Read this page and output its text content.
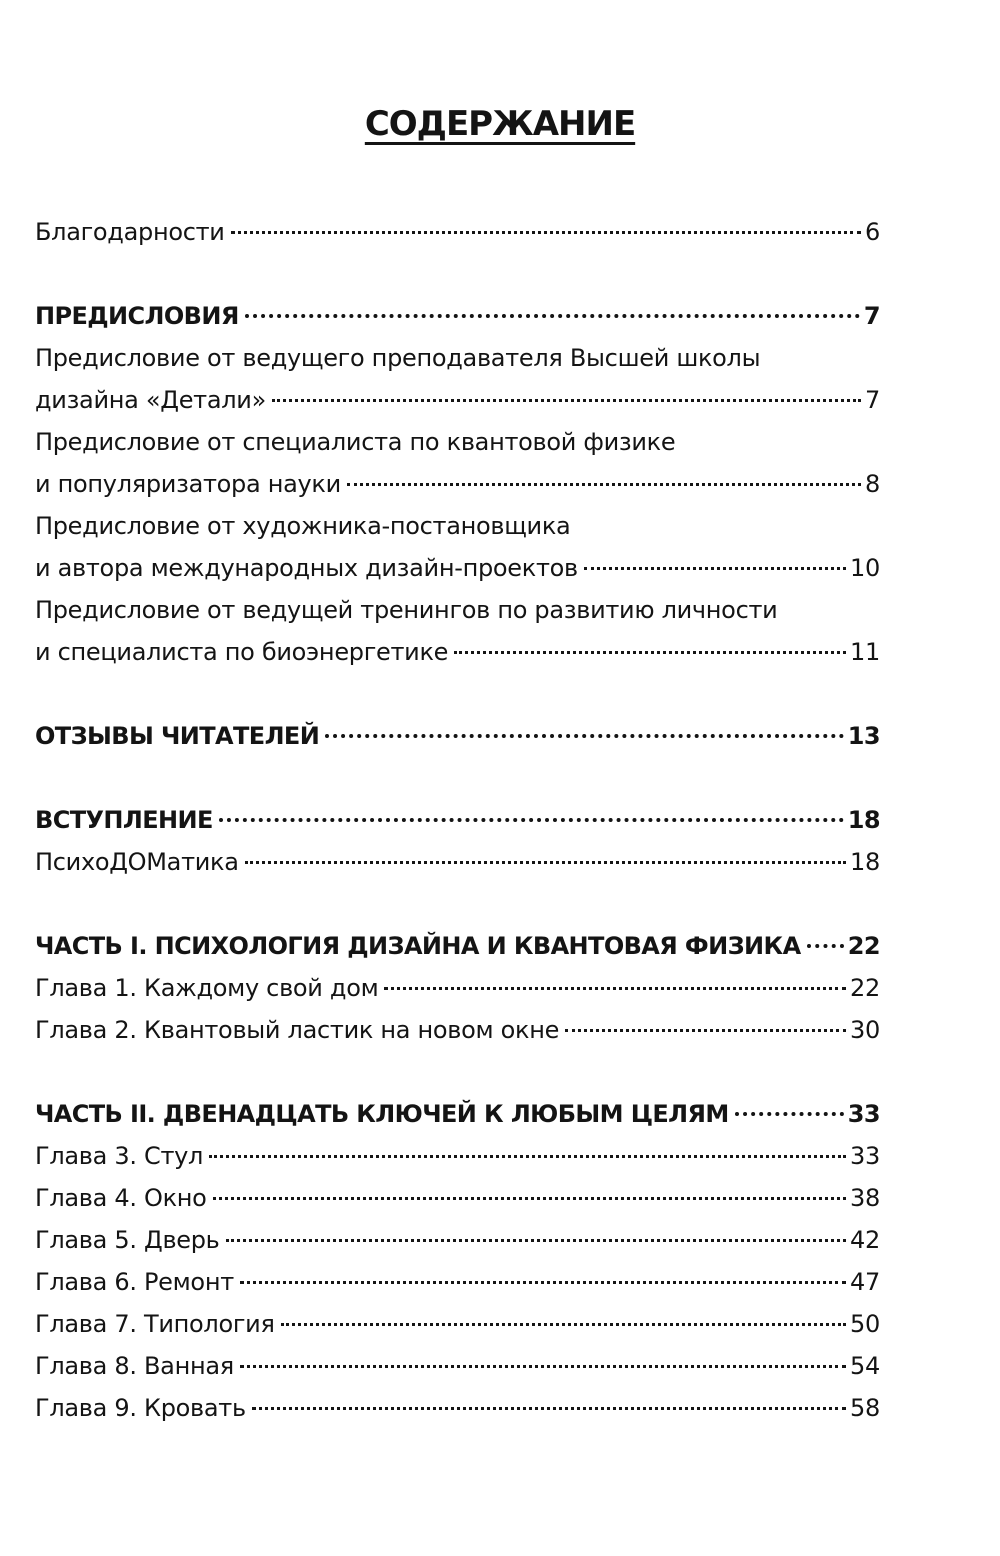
СОДЕРЖАНИЕ
Благодарности	6
ПРЕДИСЛОВИЯ	7
Предисловие от ведущего преподавателя Высшей школы
дизайна «Детали»	7
Предисловие от специалиста по квантовой физике
и популяризатора науки	8
Предисловие от художника-постановщика
и автора международных дизайн-проектов	10
Предисловие от ведущей тренингов по развитию личности
и специалиста по биоэнергетике	11
ОТЗЫВЫ ЧИТАТЕЛЕЙ	13
ВСТУПЛЕНИЕ	18
ПсихоДОМатика	18
ЧАСТЬ I. ПСИХОЛОГИЯ ДИЗАЙНА И КВАНТОВАЯ ФИЗИКА 22
Глава 1. Каждому свой дом	22
Глава 2. Квантовый ластик на новом окне	30
ЧАСТЬ II. ДВЕНАДЦАТЬ КЛЮЧЕЙ К ЛЮБЫМ ЦЕЛЯМ	33
Глава 3. Стул	33
Глава 4. Окно	38
Глава 5. Дверь	42
Глава 6. Ремонт	47
Глава 7. Типология	50
Глава 8. Ванная	54
Глава 9. Кровать	58
